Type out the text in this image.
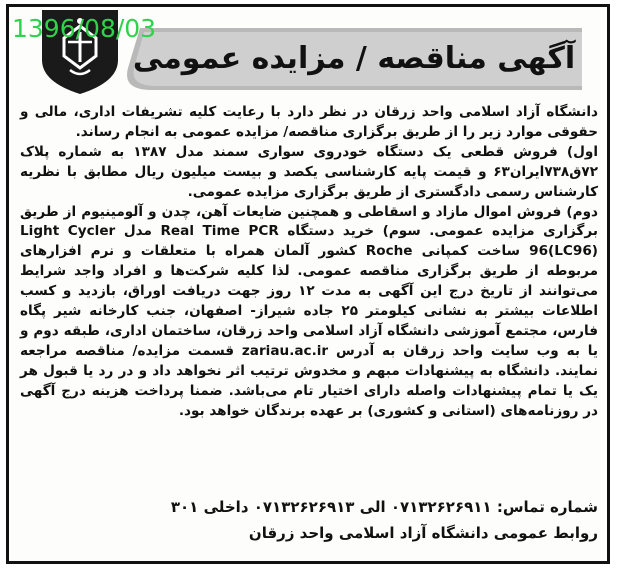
1396/08/03
آگهی مناقصه / مزایده عمومی

دانشگاه آزاد اسلامی واحد زرقان در نظر دارد با رعایت کلیه تشریفات اداری، مالی و حقوقی موارد زیر را از طریق برگزاری مناقصه/ مزایده عمومی به انجام رساند.

اول) فروش قطعی یک دستگاه خودروی سواری سمند مدل ۱۳۸۷ به شماره پلاک ۷۲ق۷۳۸ایران۶۳ و قیمت پایه کارشناسی یکصد و بیست میلیون ریال مطابق با نظریه کارشناس رسمی دادگستری از طریق برگزاری مزایده عمومی.

دوم) فروش اموال مازاد و اسقاطی و همچنین ضایعات آهن، چدن و آلومینیوم از طریق برگزاری مزایده عمومی. سوم) خرید دستگاه Real Time PCR مدل Light Cycler 96(LC96) ساخت کمپانی Roche کشور آلمان همراه با متعلقات و نرم افزارهای مربوطه از طریق برگزاری مناقصه عمومی. لذا کلیه شرکت‌ها و افراد واجد شرایط می‌توانند از تاریخ درج این آگهی به مدت ۱۲ روز جهت دریافت اوراق، بازدید و کسب اطلاعات بیشتر به نشانی کیلومتر ۲۵ جاده شیراز- اصفهان، جنب کارخانه شیر پگاه فارس، مجتمع آموزشی دانشگاه آزاد اسلامی واحد زرقان، ساختمان اداری، طبقه دوم و یا به وب سایت واحد زرقان به آدرس zariau.ac.ir قسمت مزایده/ مناقصه مراجعه نمایند. دانشگاه به پیشنهادات مبهم و مخدوش ترتیب اثر نخواهد داد و در رد یا قبول هر یک یا تمام پیشنهادات واصله دارای اختیار تام می‌باشد. ضمنا پرداخت هزینه درج آگهی در روزنامه‌های (استانی و کشوری) بر عهده برندگان خواهد بود.

شماره تماس: ۰۷۱۳۲۶۲۶۹۱۱ الی ۰۷۱۳۲۶۲۶۹۱۳ داخلی ۳۰۱

روابط عمومی دانشگاه آزاد اسلامی واحد زرقان
